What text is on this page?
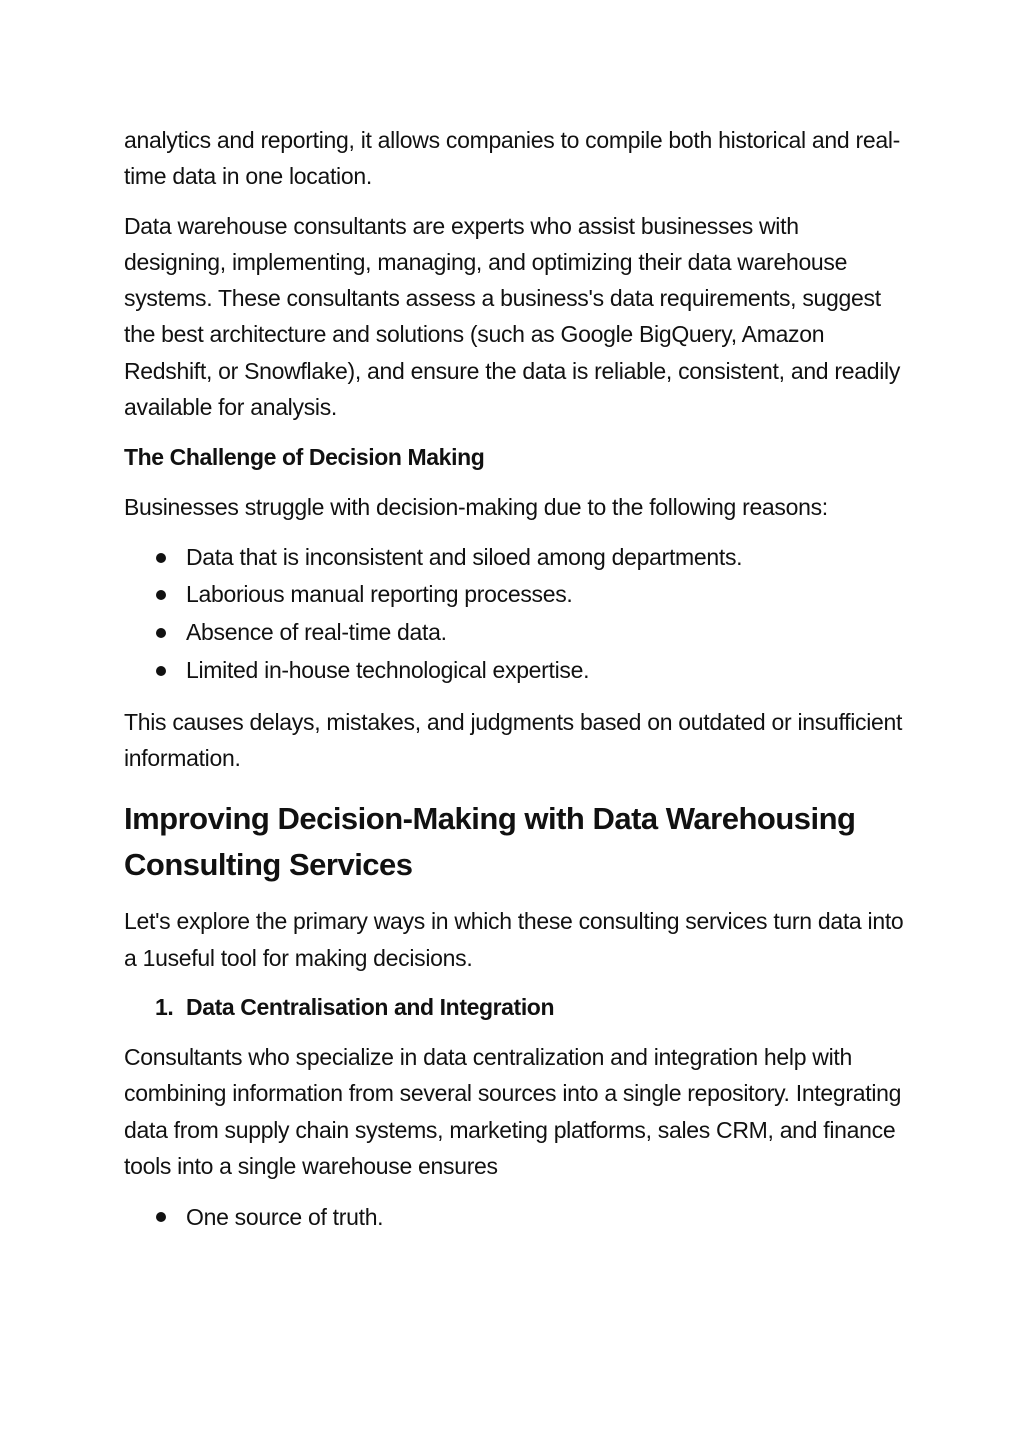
analytics and reporting, it allows companies to compile both historical and real-time data in one location.

Data warehouse consultants are experts who assist businesses with designing, implementing, managing, and optimizing their data warehouse systems. These consultants assess a business's data requirements, suggest the best architecture and solutions (such as Google BigQuery, Amazon Redshift, or Snowflake), and ensure the data is reliable, consistent, and readily available for analysis.

The Challenge of Decision Making

Businesses struggle with decision-making due to the following reasons:

Data that is inconsistent and siloed among departments.
Laborious manual reporting processes.
Absence of real-time data.
Limited in-house technological expertise.

This causes delays, mistakes, and judgments based on outdated or insufficient information.

Improving Decision-Making with Data Warehousing Consulting Services

Let's explore the primary ways in which these consulting services turn data into a 1useful tool for making decisions.

1. Data Centralisation and Integration

Consultants who specialize in data centralization and integration help with combining information from several sources into a single repository. Integrating data from supply chain systems, marketing platforms, sales CRM, and finance tools into a single warehouse ensures

One source of truth.
